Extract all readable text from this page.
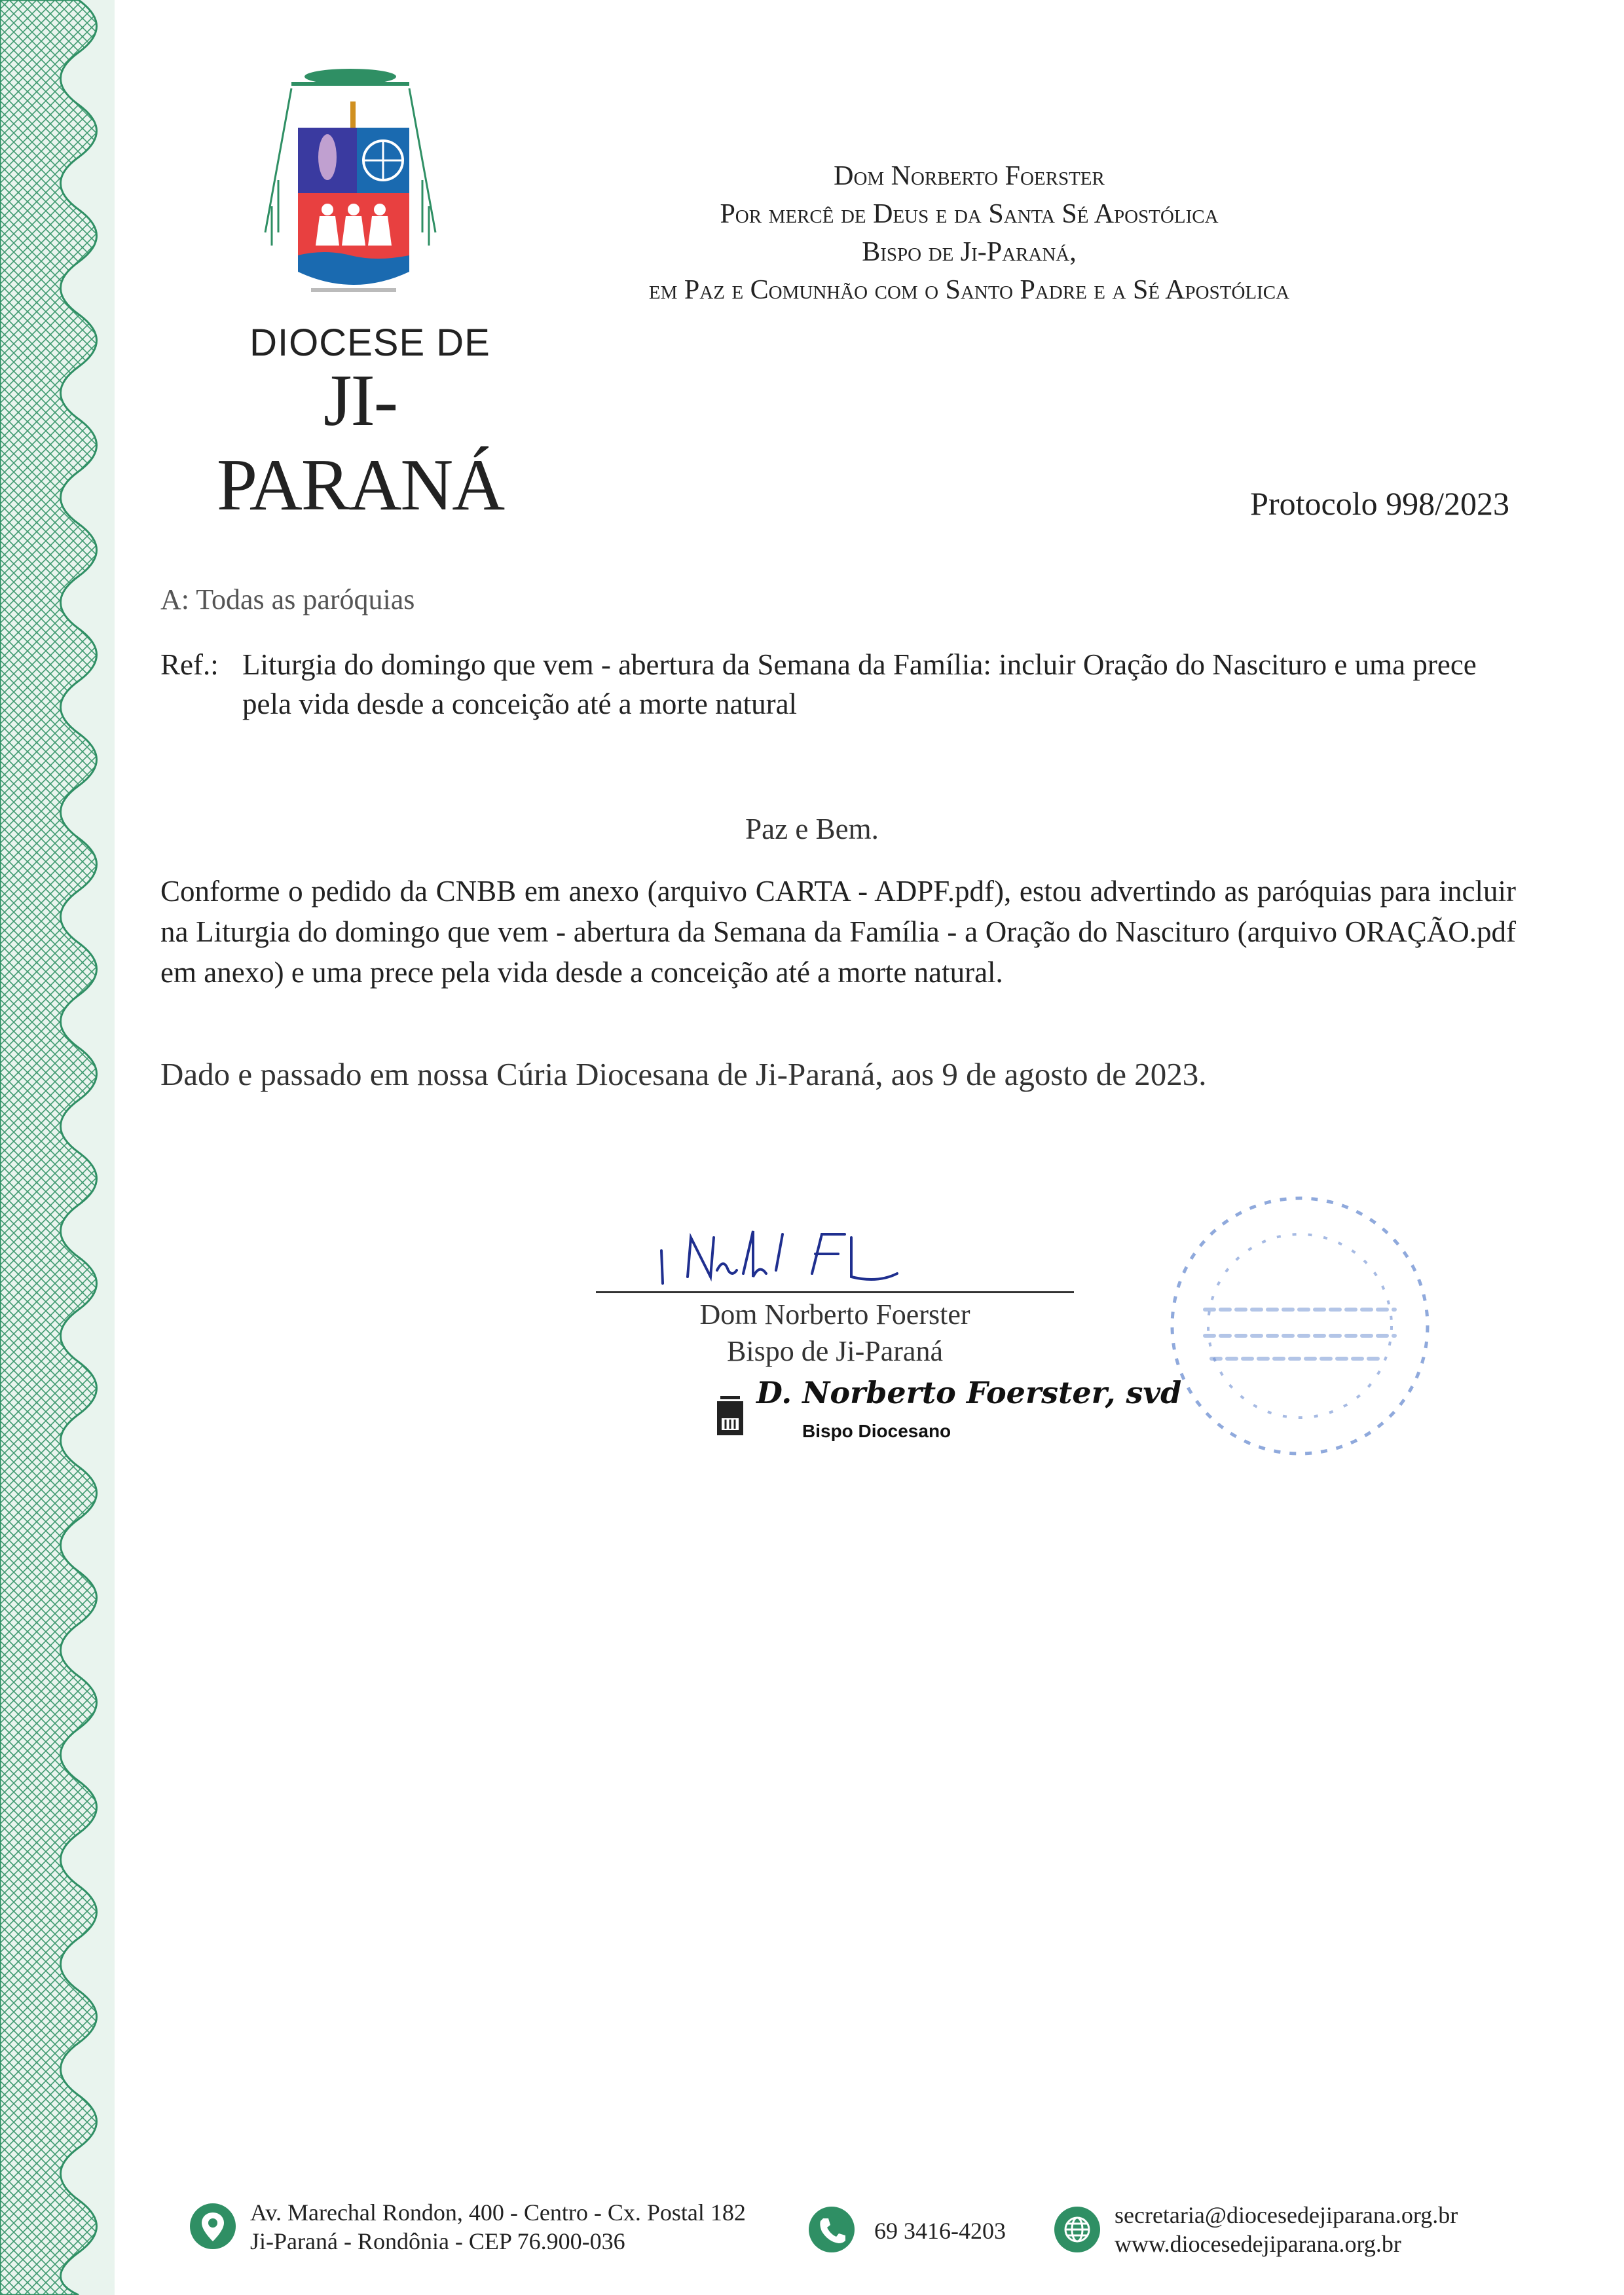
DIOCESE DE
JI-PARANÁ
Dom Norberto Foerster
Por mercê de Deus e da Santa Sé Apostólica
Bispo de Ji-Paraná,
em Paz e Comunhão com o Santo Padre e a Sé Apostólica
Protocolo 998/2023
A: Todas as paróquias
Ref.: Liturgia do domingo que vem - abertura da Semana da Família: incluir Oração do Nascituro e uma prece pela vida desde a conceição até a morte natural
Paz e Bem.
Conforme o pedido da CNBB em anexo (arquivo CARTA - ADPF.pdf), estou advertindo as paróquias para incluir na Liturgia do domingo que vem - abertura da Semana da Família - a Oração do Nascituro (arquivo ORAÇÃO.pdf em anexo) e uma prece pela vida desde a conceição até a morte natural.
Dado e passado em nossa Cúria Diocesana de Ji-Paraná, aos 9 de agosto de 2023.
Dom Norberto Foerster
Bispo de Ji-Paraná
D. Norberto Foerster, svd
Bispo Diocesano
Av. Marechal Rondon, 400 - Centro - Cx. Postal 182
Ji-Paraná - Rondônia - CEP 76.900-036	69 3416-4203
secretaria@diocesedejiparana.org.br
www.diocesedejiparana.org.br
